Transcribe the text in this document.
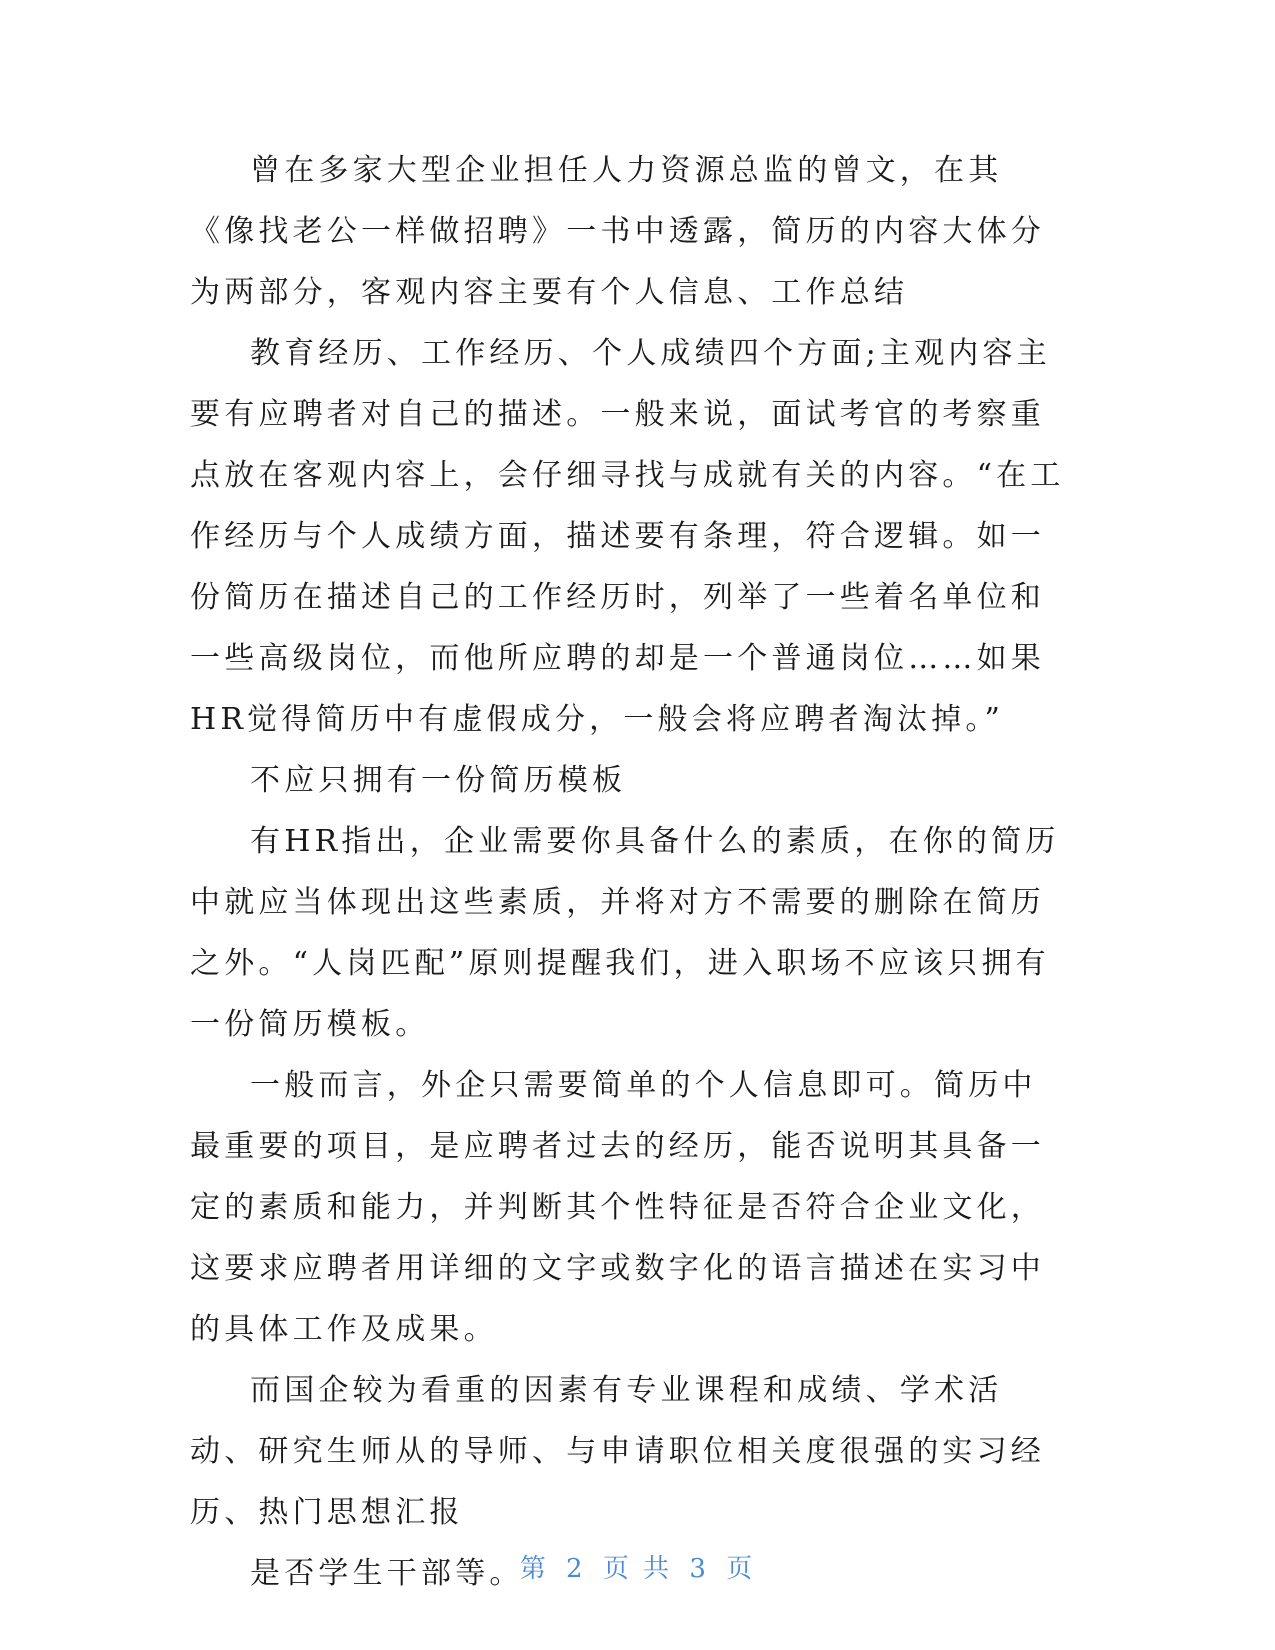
曾在多家大型企业担任人力资源总监的曾文，在其《像找老公一样做招聘》一书中透露，简历的内容大体分为两部分，客观内容主要有个人信息、工作总结

教育经历、工作经历、个人成绩四个方面;主观内容主要有应聘者对自己的描述。一般来说，面试考官的考察重点放在客观内容上，会仔细寻找与成就有关的内容。“在工作经历与个人成绩方面，描述要有条理，符合逻辑。如一份简历在描述自己的工作经历时，列举了一些着名单位和一些高级岗位，而他所应聘的却是一个普通岗位……如果HR觉得简历中有虚假成分，一般会将应聘者淘汰掉。”

不应只拥有一份简历模板

有HR指出，企业需要你具备什么的素质，在你的简历中就应当体现出这些素质，并将对方不需要的删除在简历之外。“人岗匹配”原则提醒我们，进入职场不应该只拥有一份简历模板。

一般而言，外企只需要简单的个人信息即可。简历中最重要的项目，是应聘者过去的经历，能否说明其具备一定的素质和能力，并判断其个性特征是否符合企业文化，这要求应聘者用详细的文字或数字化的语言描述在实习中的具体工作及成果。

而国企较为看重的因素有专业课程和成绩、学术活动、研究生师从的导师、与申请职位相关度很强的实习经历、热门思想汇报

是否学生干部等。

第 2 页 共 3 页
